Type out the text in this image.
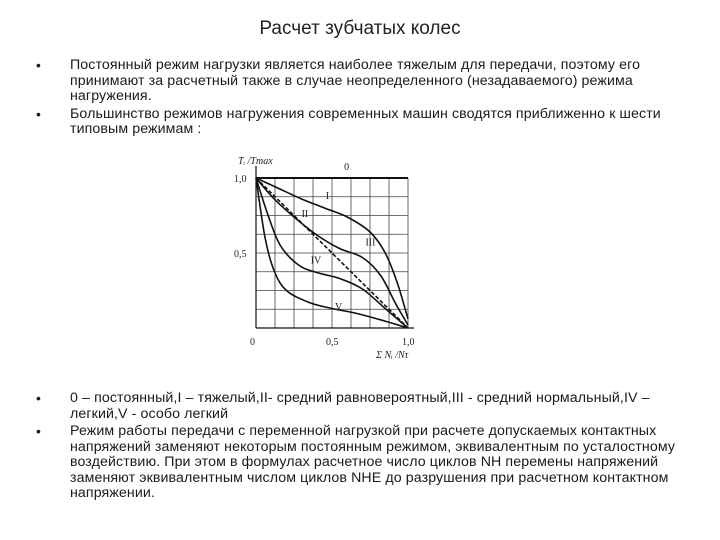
Расчет зубчатых колес
• Постоянный режим нагрузки является наиболее тяжелым для передачи, поэтому его принимают за расчетный также в случае неопределенного (незадаваемого) режима нагружения.
• Большинство режимов нагружения современных машин сводятся приближенно к шести типовым режимам :
0
I
II
III
IV
V
0	0,5	1,0
1,0
0,5
Tᵢ /Tmax
Σ Nᵢ /Nτ
• 0 – постоянный,I – тяжелый,II- средний равновероятный,III - средний нормальный,IV – легкий,V - особо легкий
• Режим работы передачи с переменной нагрузкой при расчете допускаемых контактных напряжений заменяют некоторым постоянным режимом, эквивалентным по усталостному воздействию. При этом в формулах расчетное число циклов NH перемены напряжений заменяют эквивалентным числом циклов NHE до разрушения при расчетном контактном напряжении.
